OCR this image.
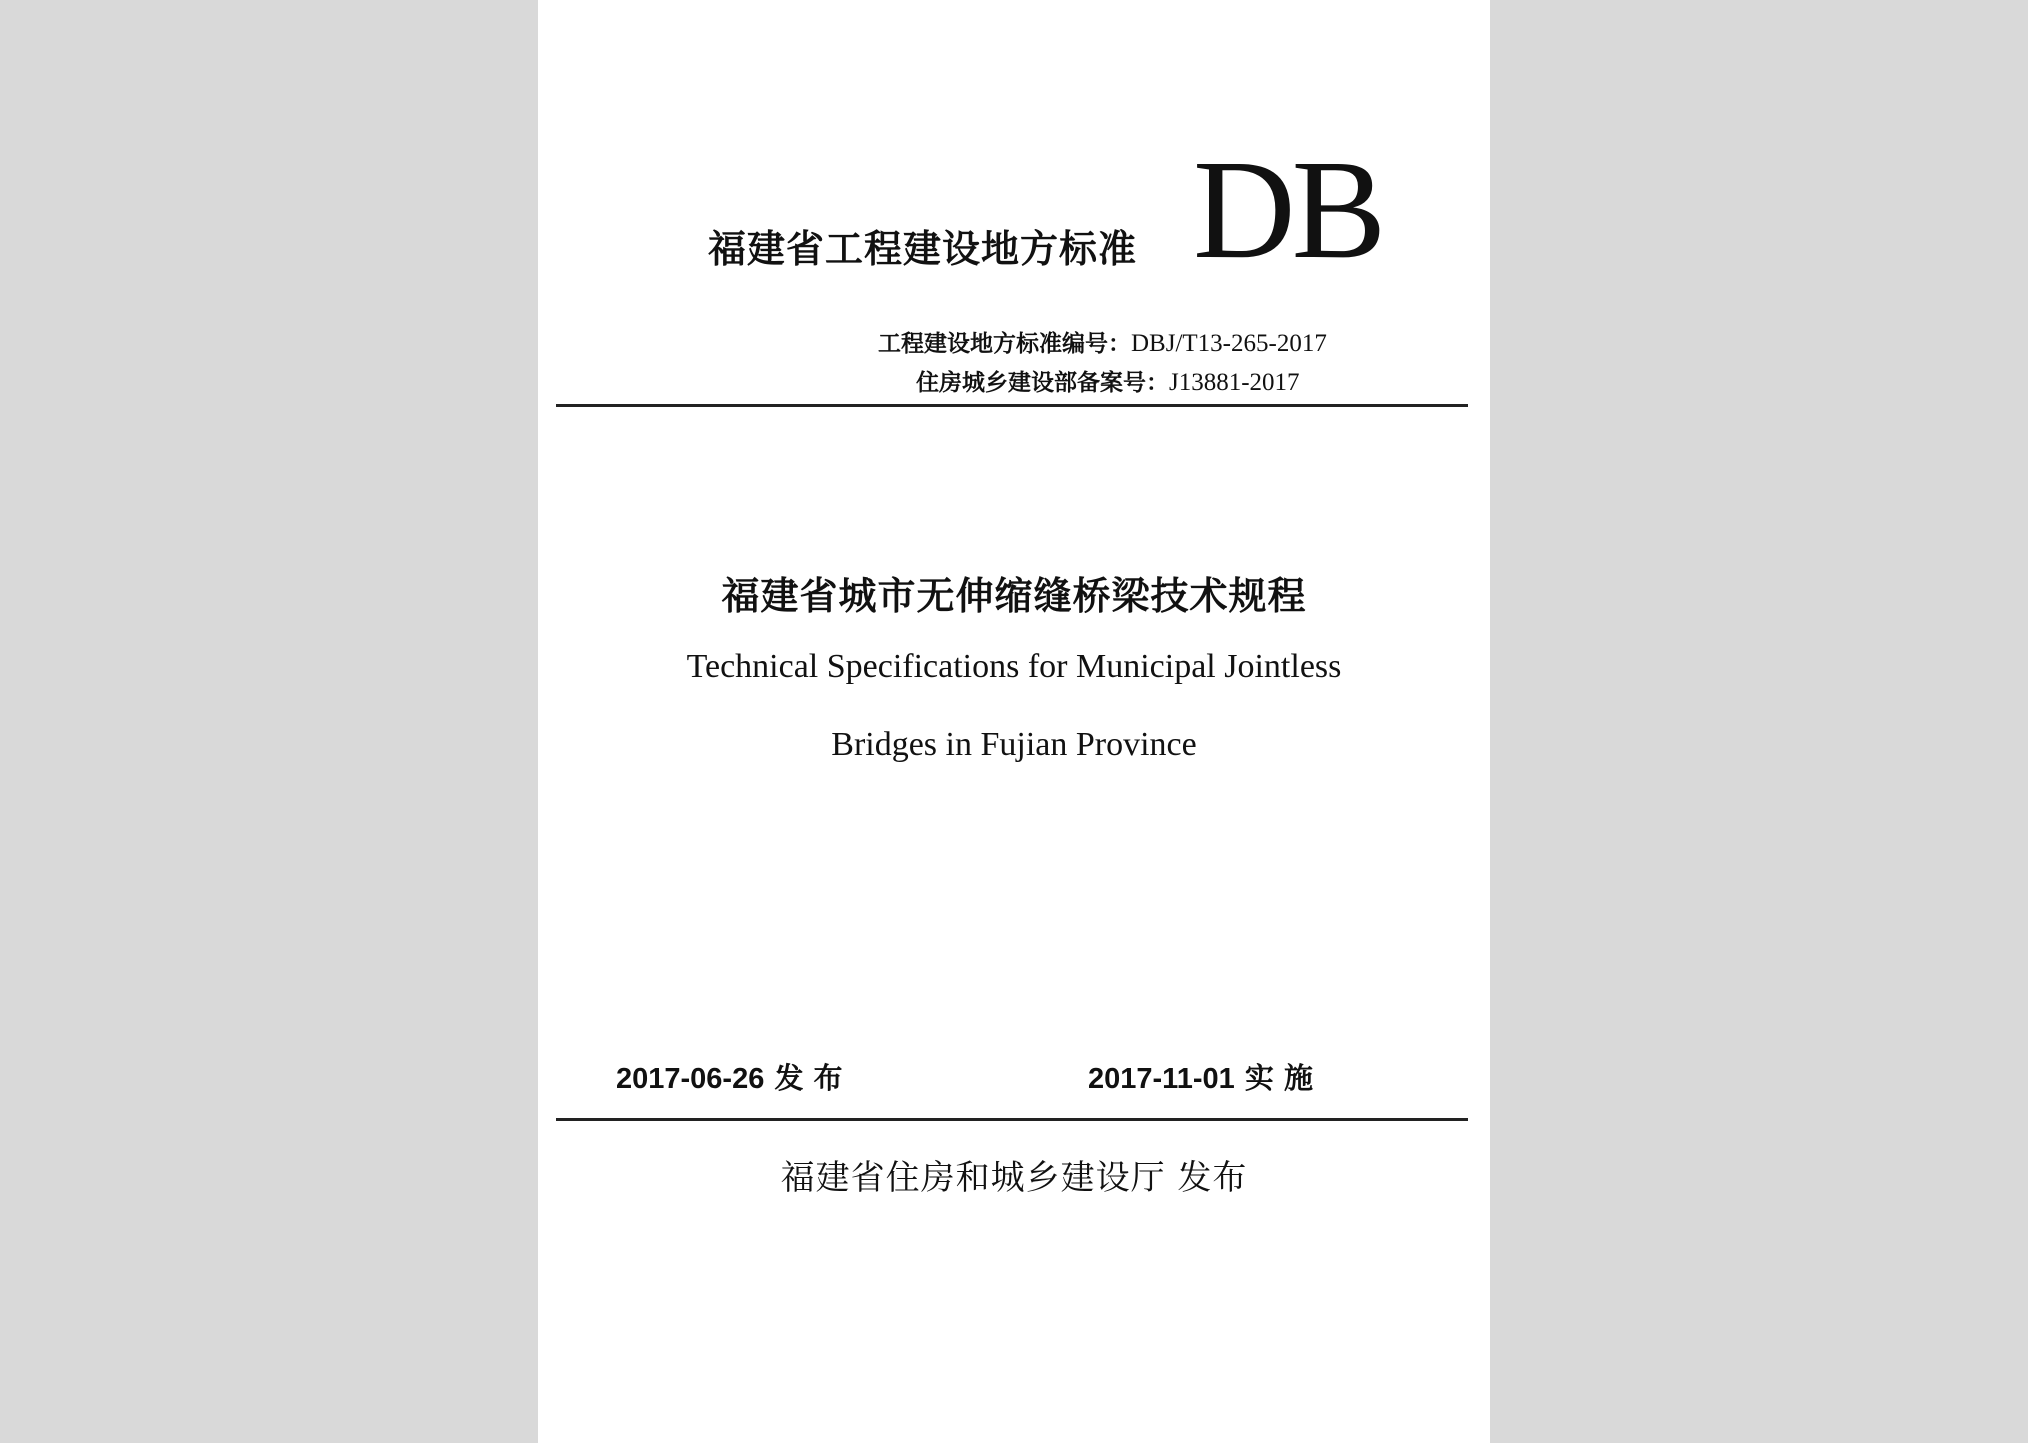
福建省工程建设地方标准 DB
工程建设地方标准编号：DBJ/T13-265-2017
住房城乡建设部备案号：J13881-2017
福建省城市无伸缩缝桥梁技术规程
Technical Specifications for Municipal Jointless
Bridges in Fujian Province
2017-06-26 发 布	2017-11-01 实 施
福建省住房和城乡建设厅 发布
